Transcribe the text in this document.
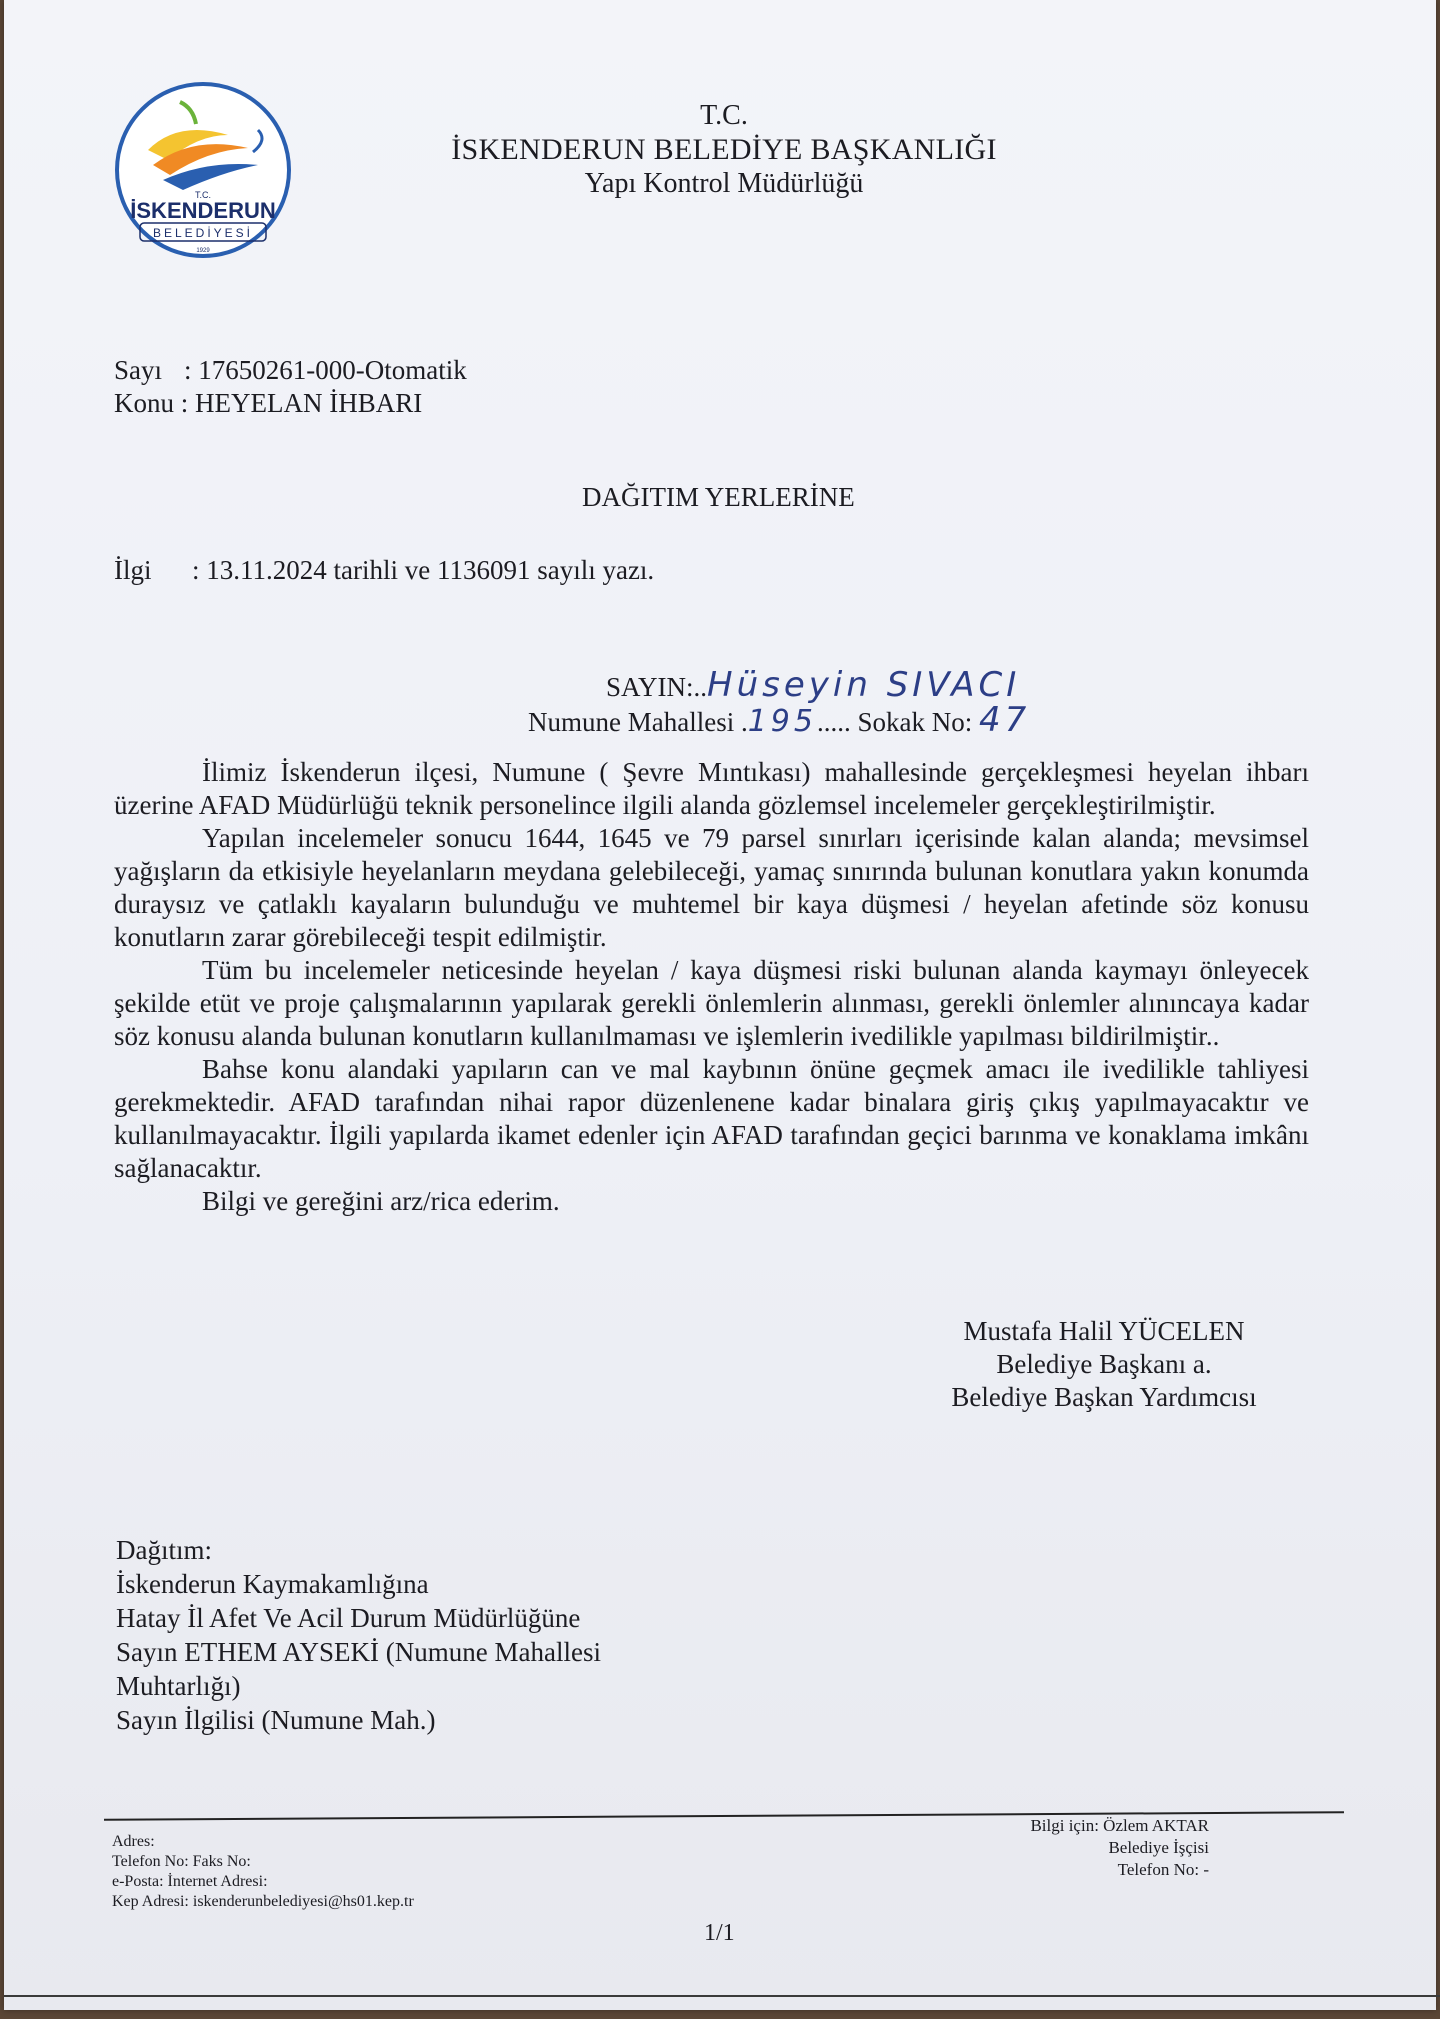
T.C.
İSKENDERUN
BELEDİYESİ
1929
T.C.
İSKENDERUN BELEDİYE BAŞKANLIĞI
Yapı Kontrol Müdürlüğü
Sayı : 17650261-000-Otomatik
Konu : HEYELAN İHBARI
DAĞITIM YERLERİNE
İlgi : 13.11.2024 tarihli ve 1136091 sayılı yazı.
SAYIN:..Hüseyin SIVACI
Numune Mahallesi .195..... Sokak No: 47

İlimiz İskenderun ilçesi, Numune ( Şevre Mıntıkası) mahallesinde gerçekleşmesi heyelan ihbarı üzerine AFAD Müdürlüğü teknik personelince ilgili alanda gözlemsel incelemeler gerçekleştirilmiştir.

Yapılan incelemeler sonucu 1644, 1645 ve 79 parsel sınırları içerisinde kalan alanda; mevsimsel yağışların da etkisiyle heyelanların meydana gelebileceği, yamaç sınırında bulunan konutlara yakın konumda duraysız ve çatlaklı kayaların bulunduğu ve muhtemel bir kaya düşmesi / heyelan afetinde söz konusu konutların zarar görebileceği tespit edilmiştir.

Tüm bu incelemeler neticesinde heyelan / kaya düşmesi riski bulunan alanda kaymayı önleyecek şekilde etüt ve proje çalışmalarının yapılarak gerekli önlemlerin alınması, gerekli önlemler alınıncaya kadar söz konusu alanda bulunan konutların kullanılmaması ve işlemlerin ivedilikle yapılması bildirilmiştir..

Bahse konu alandaki yapıların can ve mal kaybının önüne geçmek amacı ile ivedilikle tahliyesi gerekmektedir. AFAD tarafından nihai rapor düzenlenene kadar binalara giriş çıkış yapılmayacaktır ve kullanılmayacaktır. İlgili yapılarda ikamet edenler için AFAD tarafından geçici barınma ve konaklama imkânı sağlanacaktır.

Bilgi ve gereğini arz/rica ederim.

Mustafa Halil YÜCELEN
Belediye Başkanı a.
Belediye Başkan Yardımcısı
Dağıtım:
İskenderun Kaymakamlığına
Hatay İl Afet Ve Acil Durum Müdürlüğüne
Sayın ETHEM AYSEKİ (Numune Mahallesi Muhtarlığı)
Sayın İlgilisi (Numune Mah.)
Adres:
Telefon No: Faks No:
e-Posta: İnternet Adresi:
Kep Adresi: iskenderunbelediyesi@hs01.kep.tr
Bilgi için: Özlem AKTAR
Belediye İşçisi
Telefon No: -
1/1
